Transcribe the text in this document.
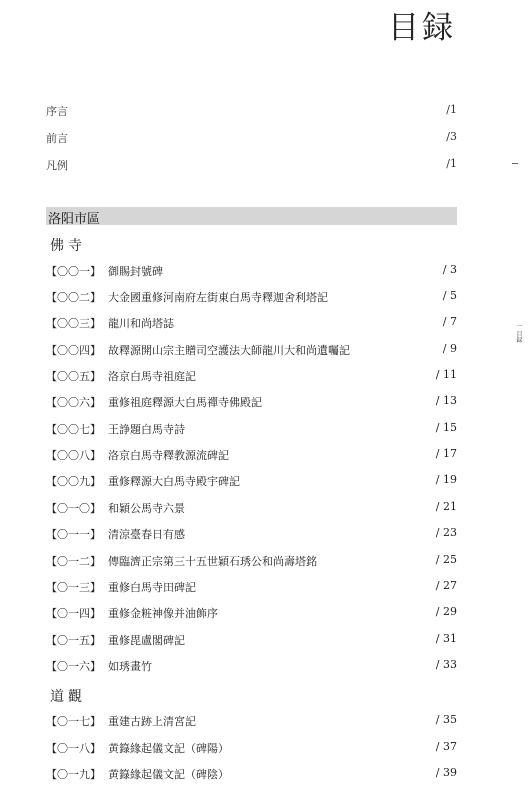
目録
序言	/1
前言	/3
凡例	/1
洛阳市區
佛寺
【〇〇一】 御賜封號碑	/ 3
【〇〇二】 大金國重修河南府左街東白馬寺釋迦舍利塔記	/ 5
【〇〇三】 龍川和尚塔誌	/ 7
【〇〇四】 故釋源開山宗主贈司空護法大師龍川大和尚遺囑記	/ 9
【〇〇五】 洛京白馬寺祖庭記	/ 11
【〇〇六】 重修祖庭釋源大白馬禪寺佛殿記	/ 13
【〇〇七】 王諍題白馬寺詩	/ 15
【〇〇八】 洛京白馬寺釋教源流碑記	/ 17
【〇〇九】 重修釋源大白馬寺殿宇碑記	/ 19
【〇一〇】 和穎公馬寺六景	/ 21
【〇一一】 清涼臺春日有感	/ 23
【〇一二】 傳臨濟正宗第三十五世穎石琇公和尚壽塔銘	/ 25
【〇一三】 重修白馬寺田碑記	/ 27
【〇一四】 重修金粧神像并油飾序	/ 29
【〇一五】 重修毘盧閣碑記	/ 31
【〇一六】 如琇畫竹	/ 33
道觀
【〇一七】 重建古跡上清宮記	/ 35
【〇一八】 黄籙緣起儀文記（碑陽）	/ 37
【〇一九】 黄籙緣起儀文記（碑陰）	/ 39
一 目録
